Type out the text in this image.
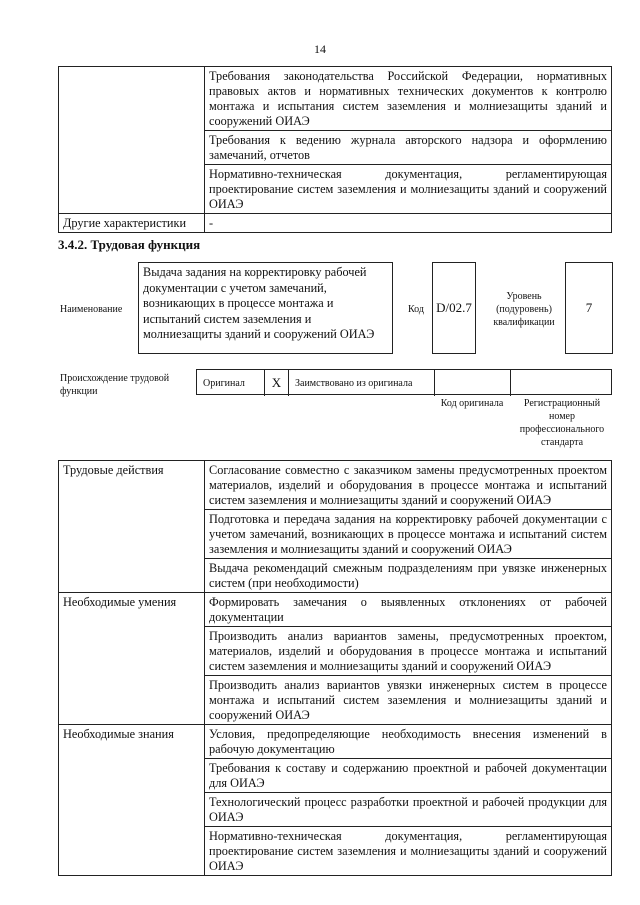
14
	Требования законодательства Российской Федерации, нормативных правовых актов и нормативных технических документов к контролю монтажа и испытания систем заземления и молниезащиты зданий и сооружений ОИАЭ
	Требования к ведению журнала авторского надзора и оформлению замечаний, отчетов
	Нормативно-техническая документация, регламентирующая проектирование систем заземления и молниезащиты зданий и сооружений ОИАЭ
Другие характеристики	-
3.4.2. Трудовая функция
Наименование
Выдача задания на корректировку рабочей документации с учетом замечаний, возникающих в процессе монтажа и испытаний систем заземления и молниезащиты зданий и сооружений ОИАЭ
Код D/02.7
Уровень (подуровень) квалификации
7
Происхождение трудовой функции
Оригинал X Заимствовано из оригинала
Код оригинала	Регистрационный номер профессионального стандарта
Трудовые действия	Согласование совместно с заказчиком замены предусмотренных проектом материалов, изделий и оборудования в процессе монтажа и испытаний систем заземления и молниезащиты зданий и сооружений ОИАЭ
	Подготовка и передача задания на корректировку рабочей документации с учетом замечаний, возникающих в процессе монтажа и испытаний систем заземления и молниезащиты зданий и сооружений ОИАЭ
	Выдача рекомендаций смежным подразделениям при увязке инженерных систем (при необходимости)
Необходимые умения	Формировать замечания о выявленных отклонениях от рабочей документации
	Производить анализ вариантов замены, предусмотренных проектом, материалов, изделий и оборудования в процессе монтажа и испытаний систем заземления и молниезащиты зданий и сооружений ОИАЭ
	Производить анализ вариантов увязки инженерных систем в процессе монтажа и испытаний систем заземления и молниезащиты зданий и сооружений ОИАЭ
Необходимые знания	Условия, предопределяющие необходимость внесения изменений в рабочую документацию
	Требования к составу и содержанию проектной и рабочей документации для ОИАЭ
	Технологический процесс разработки проектной и рабочей продукции для ОИАЭ
	Нормативно-техническая документация, регламентирующая проектирование систем заземления и молниезащиты зданий и сооружений ОИАЭ
